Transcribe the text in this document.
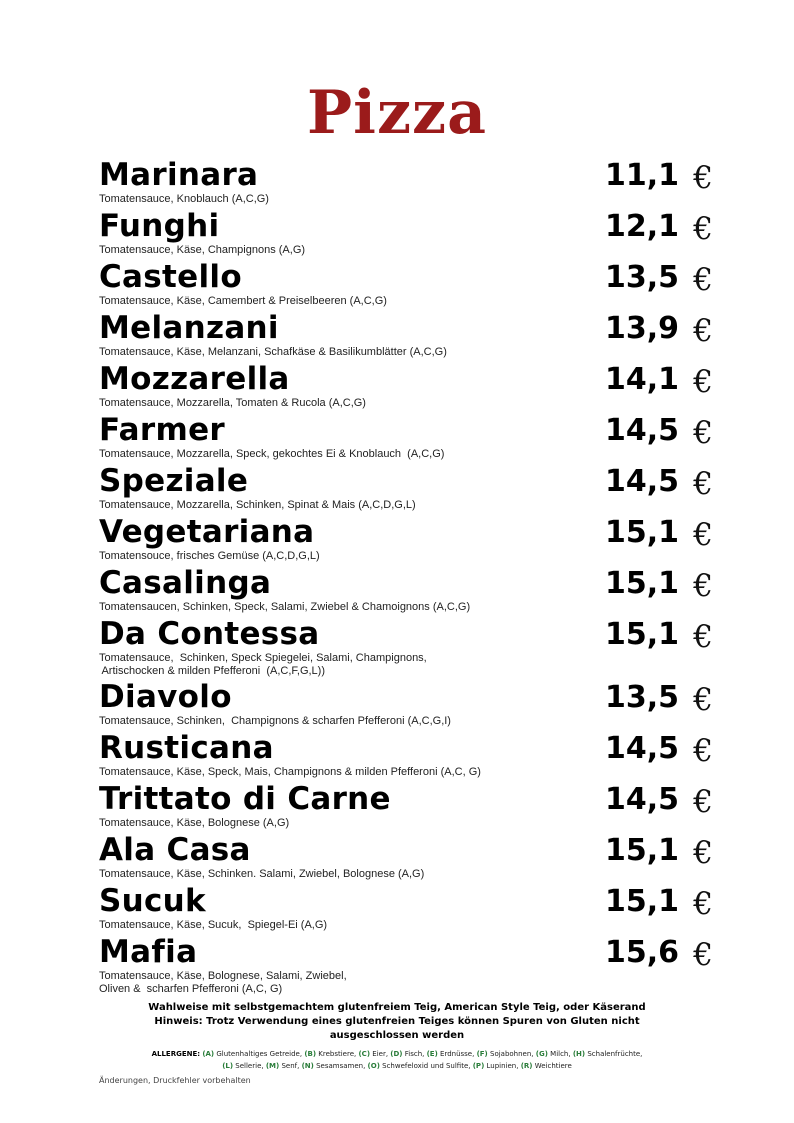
Pizza
Marinara
Tomatensauce, Knoblauch (A,C,G)
11,1 €
Funghi
Tomatensauce, Käse, Champignons (A,G)
12,1 €
Castello
Tomatensauce, Käse, Camembert & Preiselbeeren (A,C,G)
13,5 €
Melanzani
Tomatensauce, Käse, Melanzani, Schafkäse & Basilikumblätter (A,C,G)
13,9 €
Mozzarella
Tomatensauce, Mozzarella, Tomaten & Rucola (A,C,G)
14,1 €
Farmer
Tomatensauce, Mozzarella, Speck, gekochtes Ei & Knoblauch  (A,C,G)
14,5 €
Speziale
Tomatensauce, Mozzarella, Schinken, Spinat & Mais (A,C,D,G,L)
14,5 €
Vegetariana
Tomatensouce, frisches Gemüse (A,C,D,G,L)
15,1 €
Casalinga
Tomatensaucen, Schinken, Speck, Salami, Zwiebel & Chamoignons (A,C,G)
15,1 €
Da Contessa
Tomatensauce,  Schinken, Speck Spiegelei, Salami, Champignons,
Artischocken & milden Pfefferoni  (A,C,F,G,L))
15,1 €
Diavolo
Tomatensauce, Schinken,  Champignons & scharfen Pfefferoni (A,C,G,I)
13,5 €
Rusticana
Tomatensauce, Käse, Speck, Mais, Champignons & milden Pfefferoni (A,C, G)
14,5 €
Trittato di Carne
Tomatensauce, Käse, Bolognese (A,G)
14,5 €
Ala Casa
Tomatensauce, Käse, Schinken. Salami, Zwiebel, Bolognese (A,G)
15,1 €
Sucuk
Tomatensauce, Käse, Sucuk,  Spiegel-Ei (A,G)
15,1 €
Mafia
Tomatensauce, Käse, Bolognese, Salami, Zwiebel,
Oliven &  scharfen Pfefferoni (A,C, G)
15,6 €
Wahlweise mit selbstgemachtem glutenfreiem Teig, American Style Teig, oder Käserand
Hinweis: Trotz Verwendung eines glutenfreien Teiges können Spuren von Gluten nicht
ausgeschlossen werden
ALLERGENE: (A) Glutenhaltiges Getreide, (B) Krebstiere, (C) Eier, (D) Fisch, (E) Erdnüsse, (F) Sojabohnen, (G) Milch, (H) Schalenfrüchte,
(L) Sellerie, (M) Senf, (N) Sesamsamen, (O) Schwefeloxid und Sulfite, (P) Lupinien, (R) Weichtiere
Änderungen, Druckfehler vorbehalten
